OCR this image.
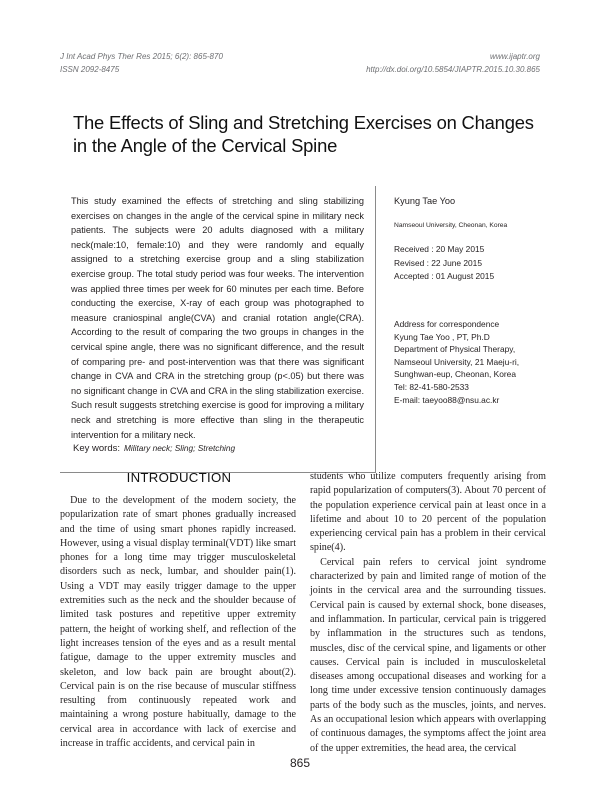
J Int Acad Phys Ther Res 2015; 6(2): 865-870
ISSN 2092-8475
www.ijaptr.org
http://dx.doi.org/10.5854/JIAPTR.2015.10.30.865
The Effects of Sling and Stretching Exercises on Changes in the Angle of the Cervical Spine

This study examined the effects of stretching and sling stabilizing exercises on changes in the angle of the cervical spine in military neck patients. The subjects were 20 adults diagnosed with a military neck(male:10, female:10) and they were randomly and equally assigned to a stretching exercise group and a sling stabilization exercise group. The total study period was four weeks. The intervention was applied three times per week for 60 minutes per each time. Before conducting the exercise, X-ray of each group was photographed to measure craniospinal angle(CVA) and cranial rotation angle(CRA). According to the result of comparing the two groups in changes in the cervical spine angle, there was no significant difference, and the result of comparing pre- and post-intervention was that there was significant change in CVA and CRA in the stretching group (p<.05) but there was no significant change in CVA and CRA in the sling stabilization exercise. Such result suggests stretching exercise is good for improving a military neck and stretching is more effective than sling in the therapeutic intervention for a military neck.

Key words: Military neck; Sling; Stretching
Kyung Tae Yoo
Namseoul University, Cheonan, Korea
Received : 20 May 2015
Revised : 22 June 2015
Accepted : 01 August 2015
Address for correspondence
Kyung Tae Yoo , PT, Ph.D
Department of Physical Therapy,
Namseoul University, 21 Maeju-ri,
Sunghwan-eup, Cheonan, Korea
Tel: 82-41-580-2533
E-mail: taeyoo88@nsu.ac.kr
INTRODUCTION

Due to the development of the modern society, the popularization rate of smart phones gradually increased and the time of using smart phones rapidly increased. However, using a visual display terminal(VDT) like smart phones for a long time may trigger musculoskeletal disorders such as neck, lumbar, and shoulder pain(1). Using a VDT may easily trigger damage to the upper extremities such as the neck and the shoulder because of limited task postures and repetitive upper extremity pattern, the height of working shelf, and reflection of the light increases tension of the eyes and as a result mental fatigue, damage to the upper extremity muscles and skeleton, and low back pain are brought about(2). Cervical pain is on the rise because of muscular stiffness resulting from continuously repeated work and maintaining a wrong posture habitually, damage to the cervical area in accordance with lack of exercise and increase in traffic accidents, and cervical pain in

students who utilize computers frequently arising from rapid popularization of computers(3). About 70 percent of the population experience cervical pain at least once in a lifetime and about 10 to 20 percent of the population experiencing cervical pain has a problem in their cervical spine(4).

Cervical pain refers to cervical joint syndrome characterized by pain and limited range of motion of the joints in the cervical area and the surrounding tissues. Cervical pain is caused by external shock, bone diseases, and inflammation. In particular, cervical pain is triggered by inflammation in the structures such as tendons, muscles, disc of the cervical spine, and ligaments or other causes. Cervical pain is included in musculoskeletal diseases among occupational diseases and working for a long time under excessive tension continuously damages parts of the body such as the muscles, joints, and nerves. As an occupational lesion which appears with overlapping of continuous damages, the symptoms affect the joint area of the upper extremities, the head area, the cervical

865
